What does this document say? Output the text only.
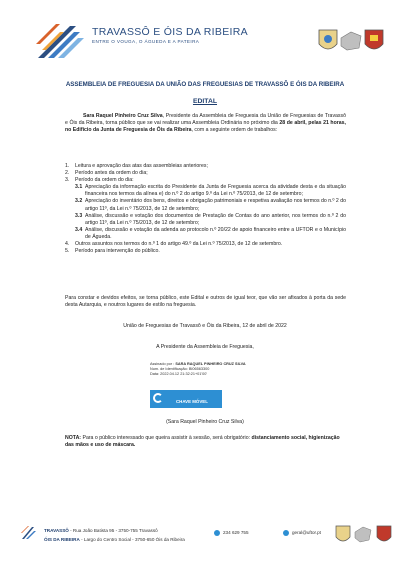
TRAVASSÔ E ÓIS DA RIBEIRA
ENTRE O VOUGA, O ÁGUEDA E A PATEIRA
ASSEMBLEIA DE FREGUESIA DA UNIÃO DAS FREGUESIAS DE TRAVASSÔ E ÓIS DA RIBEIRA
EDITAL
Sara Raquel Pinheiro Cruz Silva, Presidente da Assembleia de Freguesia da União de Freguesias de Travassô e Óis da Ribeira, torna público que se vai realizar uma Assembleia Ordinária no próximo dia 28 de abril, pelas 21 horas, no Edifício da Junta de Freguesia de Óis da Ribeira, com a seguinte ordem de trabalhos:
1.	Leitura e aprovação das atas das assembleias anteriores;
2.	Período antes da ordem do dia;
3.	Período da ordem do dia:
3.1 Apreciação da informação escrita do Presidente da Junta de Freguesia acerca da atividade desta e da situação financeira nos termos da alínea e) do n.º 2 do artigo 9.º da Lei n.º 75/2013, de 12 de setembro;
3.2 Apreciação do inventário dos bens, direitos e obrigação patrimoniais e respetiva avaliação nos termos do n.º 2 do artigo 11º, da Lei n.º 75/2013, de 12 de setembro;
3.3 Análise, discussão e votação dos documentos de Prestação de Contas do ano anterior, nos termos do n.º 2 do artigo 11º, da Lei n.º 75/2013, de 12 de setembro;
3.4 Análise, discussão e votação da adenda ao protocolo n.º 20/22 de apoio financeiro entre a UFTOR e o Município de Águeda.
4.	Outros assuntos nos termos do n.º 1 do artigo 49.º da Lei n.º 75/2013, de 12 de setembro.
5.	Período para intervenção do público.
Para constar e devidos efeitos, se torna público, este Edital e outros de igual teor, que vão ser afixados à porta da sede desta Autarquia, e noutros lugares de estilo na freguesia.
União de Freguesias de Travassô e Óis da Ribeira, 12 de abril de 2022
A Presidente da Assembleia de Freguesia,
Assinado por : SARA RAQUEL PINHEIRO CRUZ SILVA
Num. de Identificação: BI06563300
Data: 2022.04.12 21:32:21+01'00'
CHAVE MÓVEL
(Sara Raquel Pinheiro Cruz Silva)
NOTA: Para o público interessado que queira assistir à sessão, será obrigatório: distanciamento social, higienização das mãos e uso de máscara.
TRAVASSÔ - Rua João Batista 95 - 3750-755 Travassô
ÓIS DA RIBEIRA - Largo do Centro Social - 3750-650 Óis da Ribeira
234 629 755	geral@uftor.pt
